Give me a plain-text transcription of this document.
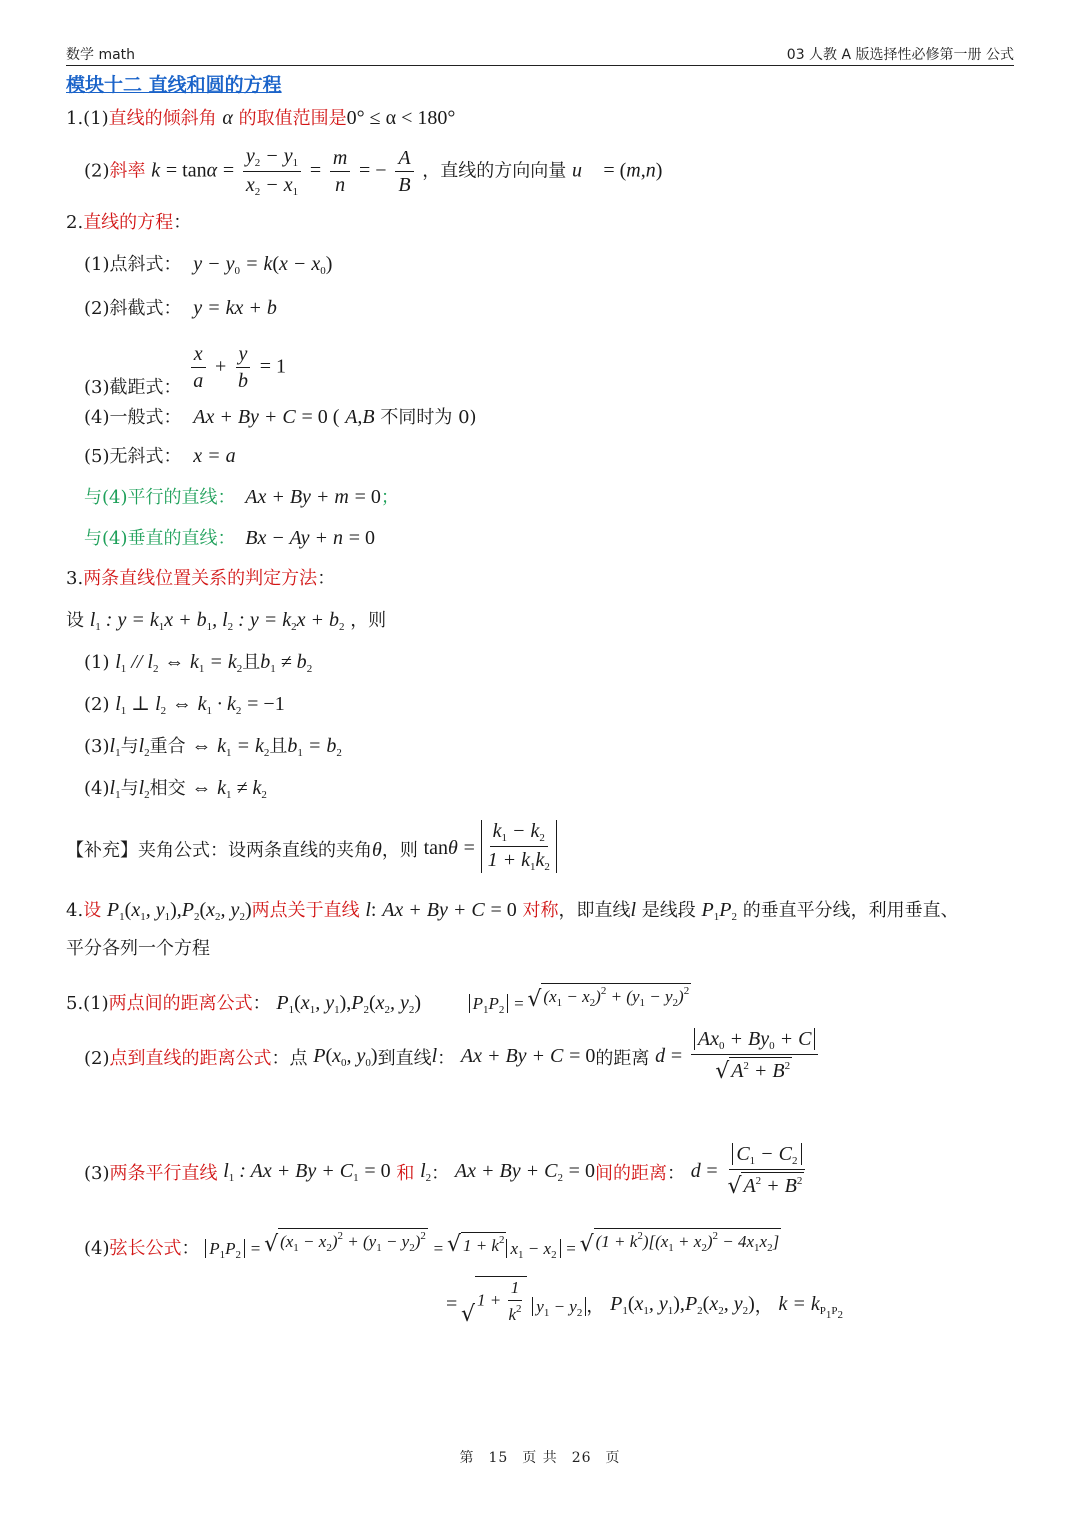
数学 math	03 人教 A 版选择性必修第一册 公式
模块十二 直线和圆的方程
1.(1)直线的倾斜角 α 的取值范围是0° ≤ α < 180°
(2)斜率 $k = \tan\alpha = \frac{y_2 - y_1}{x_2 - x_1} = \frac{m}{n}$ = − $\frac{A}{B}$ ，直线的方向向量 u⃗ = (m,n)
2.直线的方程：
(1)点斜式： $y - y_0 = k(x - x_0)$
(2)斜截式： y = kx + b
(3)截距式： $\frac{x}{a} + \frac{y}{b} = 1$
(4)一般式： Ax + By + C = 0 ( A,B 不同时为 0)
(5)无斜式： x = a
与(4)平行的直线： Ax + By + m = 0；
与(4)垂直的直线： Bx − Ay + n = 0
3.两条直线位置关系的判定方法：
设 $l_1$ : $y = k_1x + b_1$, $l_2$ : $y = k_2x + b_2$ ，则
(1) $l_1 // l_2$ ⇔ $k_1 = k_2$且$b_1 \ne b_2$
(2) $l_1$ ⊥ $l_2$ ⇔ $k_1 \cdot k_2 = -1$
$(3)l_1$与$l_2$重合 ⇔ $k_1 = k_2$且$b_1 = b_2$
$(4)l_1$与$l_2$相交 ⇔ $k_1 \ne k_2$
【补充】夹角公式：设两条直线的夹角θ，则 $\tan\theta = \frac{k_1 - k_2}{1 + k_1k_2}$
4.设 $P_1(x_1$, $y_1),P_2(x_2$, $y_2$)两点关于直线 l: Ax + By + C = 0 对称，即直线l 是线段 $P_1P_2$ 的垂直平分线，利用垂直、
平分各列一个方程
5.(1)两点间的距离公式： $P_1(x_1$, $y_1),P_2(x_2$, $y_2$)	$P_1P_2$ = √ $(x_1 - x_2)^2 + (y_1 - y_2)^2$
(2)点到直线的距离公式：点 $P(x_0$, $y_0$)到直线l： Ax + By + C = 0的距离 $d = Ax_0 + By_0 + C$
√
$A^2 + B^2$
(3)两条平行直线 $l_1$ : $Ax + By + C_1 = 0$ 和 $l_2$： $Ax + By + C_2 = 0$间的距离： $d = C_1 - C_2$
√
$A^2 + B^2$
(4)弦长公式： $P_1P_2$ = √ $(x_1 - x_2)^2 + (y_1 - y_2)^2$
= √ $1 + k^2$ $x_1 - x_2$ = √ $(1 + k^2)[(x_1 + x_2)^2 - 4x_1x_2]$
= √ $1 + \frac{1}{k^2} y_1 - y_2$ ， $P_1(x_1$, $y_1),P_2(x_2$, $y_2$)， $k = k_{P_1P_2}$
第 15 页 共 26 页
